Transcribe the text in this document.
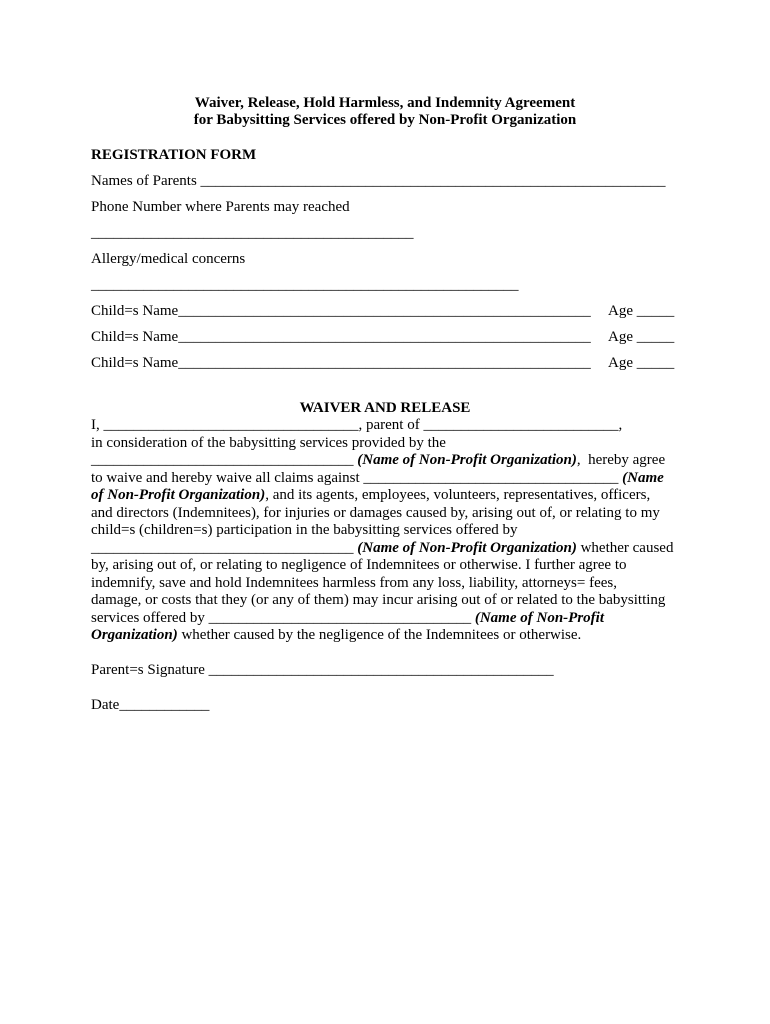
Waiver, Release, Hold Harmless, and Indemnity Agreement
for Babysitting Services offered by Non-Profit Organization
REGISTRATION FORM
Names of Parents ______________________________________________________________
Phone Number where Parents may reached
___________________________________________
Allergy/medical concerns
_________________________________________________________
Child=s Name_______________________________________________________ Age _____
Child=s Name_______________________________________________________ Age _____
Child=s Name_______________________________________________________ Age _____
WAIVER AND RELEASE
I, __________________________________, parent of __________________________,
in consideration of the babysitting services provided by the
___________________________________ (Name of Non-Profit Organization),  hereby agree
to waive and hereby waive all claims against __________________________________ (Name
of Non-Profit Organization), and its agents, employees, volunteers, representatives, officers,
and directors (Indemnitees), for injuries or damages caused by, arising out of, or relating to my
child=s (children=s) participation in the babysitting services offered by
___________________________________ (Name of Non-Profit Organization) whether caused
by, arising out of, or relating to negligence of Indemnitees or otherwise. I further agree to
indemnify, save and hold Indemnitees harmless from any loss, liability, attorneys= fees,
damage, or costs that they (or any of them) may incur arising out of or related to the babysitting
services offered by ___________________________________ (Name of Non-Profit
Organization) whether caused by the negligence of the Indemnitees or otherwise.
Parent=s Signature ______________________________________________
Date____________
